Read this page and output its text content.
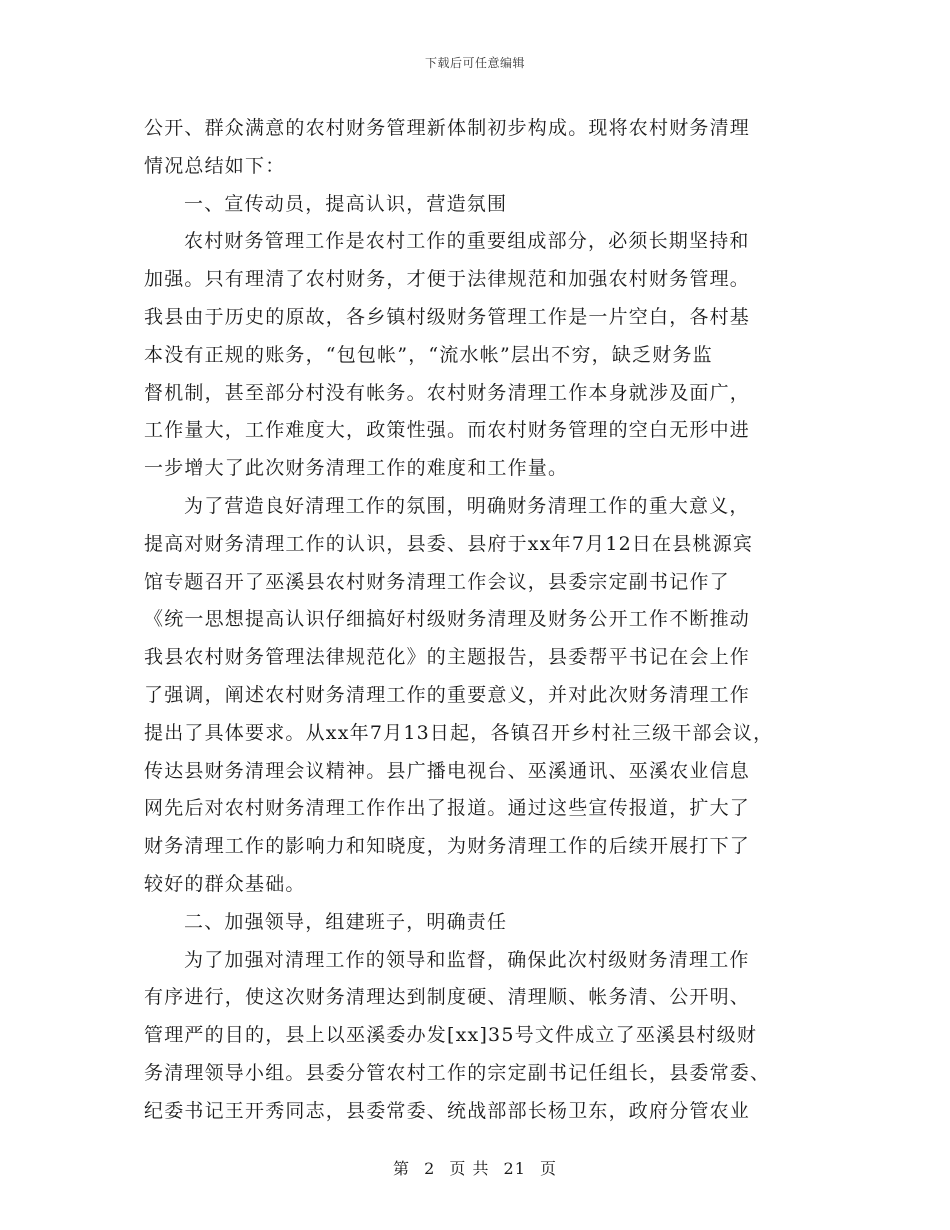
下载后可任意编辑
公开、群众满意的农村财务管理新体制初步构成。现将农村财务清理
情况总结如下：
一、宣传动员，提高认识，营造氛围
农村财务管理工作是农村工作的重要组成部分，必须长期坚持和
加强。只有理清了农村财务，才便于法律规范和加强农村财务管理。
我县由于历史的原故，各乡镇村级财务管理工作是一片空白，各村基
本没有正规的账务，“包包帐”，“流水帐”层出不穷，缺乏财务监
督机制，甚至部分村没有帐务。农村财务清理工作本身就涉及面广，
工作量大，工作难度大，政策性强。而农村财务管理的空白无形中进
一步增大了此次财务清理工作的难度和工作量。
为了营造良好清理工作的氛围，明确财务清理工作的重大意义，
提高对财务清理工作的认识，县委、县府于xx年7月12日在县桃源宾
馆专题召开了巫溪县农村财务清理工作会议，县委宗定副书记作了
《统一思想提高认识仔细搞好村级财务清理及财务公开工作不断推动
我县农村财务管理法律规范化》的主题报告，县委帮平书记在会上作
了强调，阐述农村财务清理工作的重要意义，并对此次财务清理工作
提出了具体要求。从xx年7月13日起，各镇召开乡村社三级干部会议，
传达县财务清理会议精神。县广播电视台、巫溪通讯、巫溪农业信息
网先后对农村财务清理工作作出了报道。通过这些宣传报道，扩大了
财务清理工作的影响力和知晓度，为财务清理工作的后续开展打下了
较好的群众基础。
二、加强领导，组建班子，明确责任
为了加强对清理工作的领导和监督，确保此次村级财务清理工作
有序进行，使这次财务清理达到制度硬、清理顺、帐务清、公开明、
管理严的目的，县上以巫溪委办发[xx]35号文件成立了巫溪县村级财
务清理领导小组。县委分管农村工作的宗定副书记任组长，县委常委、
纪委书记王开秀同志，县委常委、统战部部长杨卫东，政府分管农业
第 2 页 共 21 页
